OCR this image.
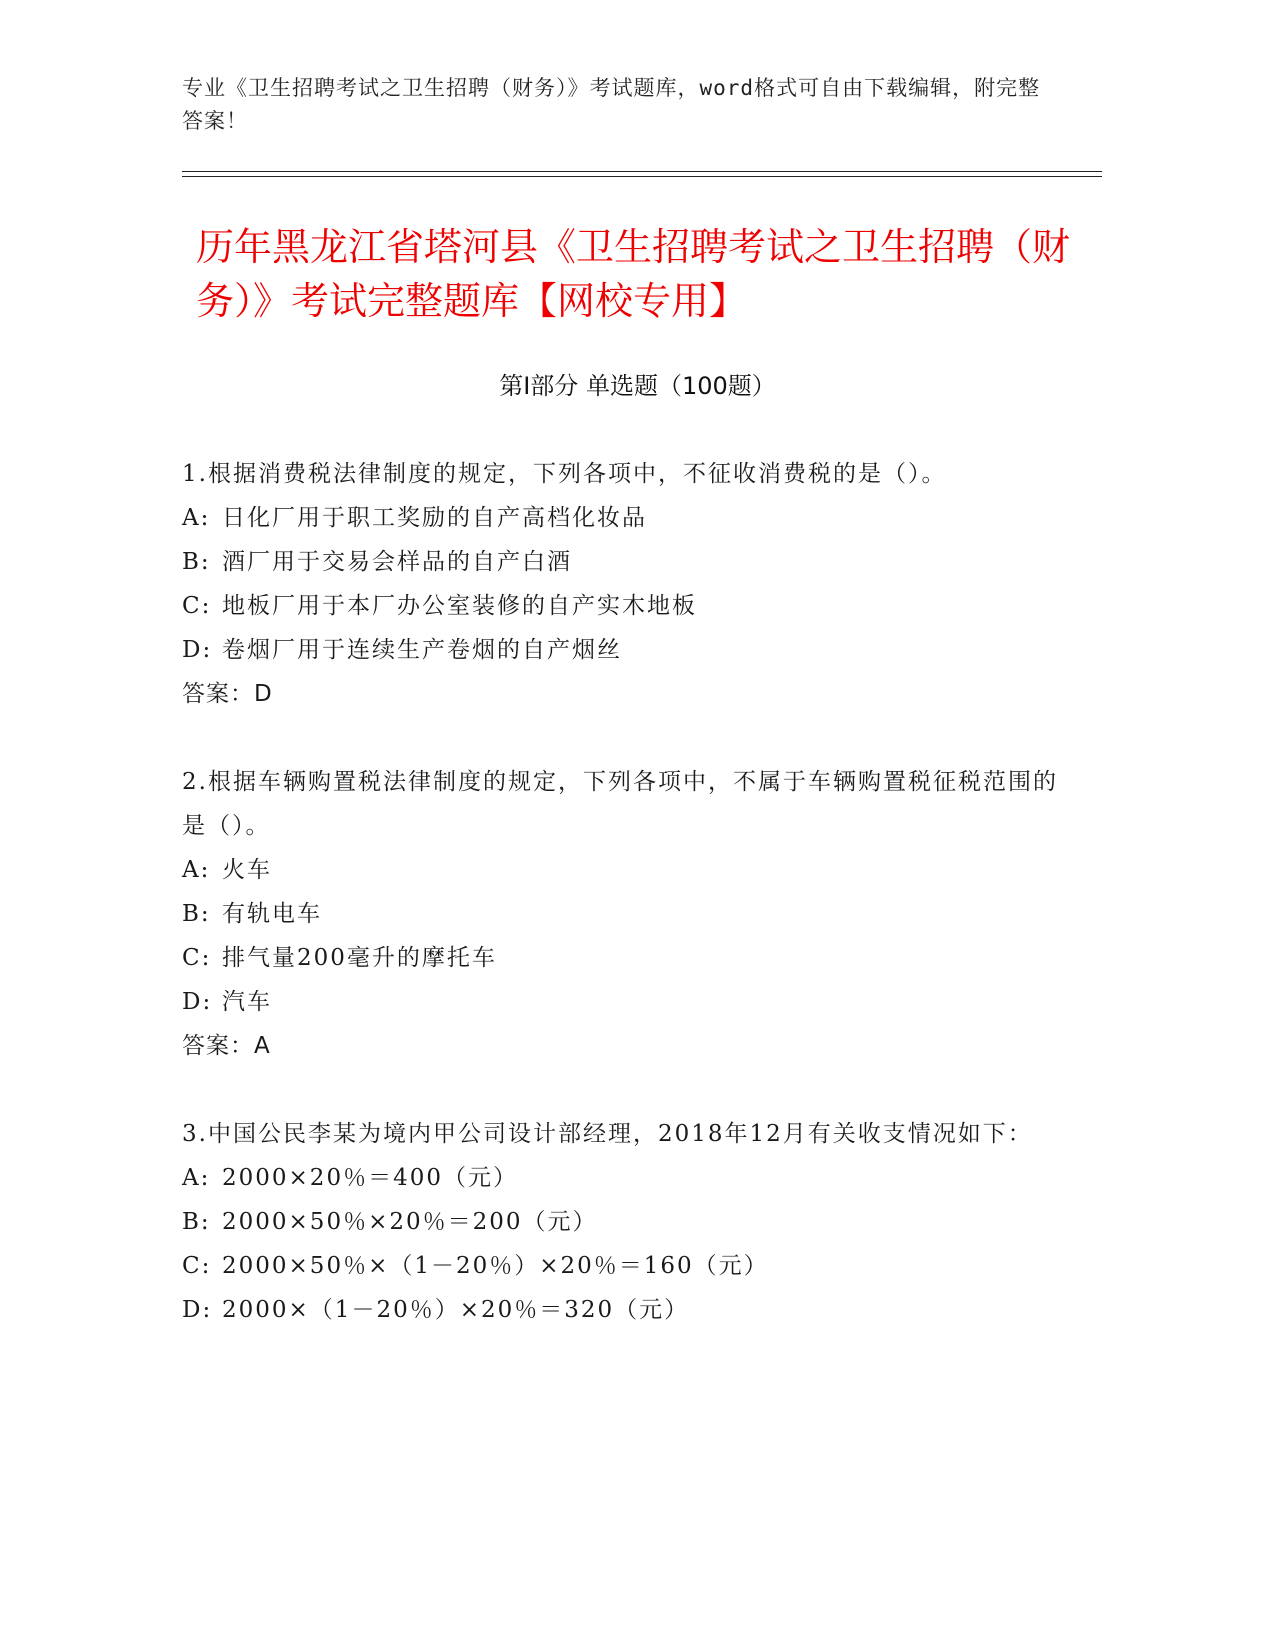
专业《卫生招聘考试之卫生招聘（财务）》考试题库，word格式可自由下载编辑，附完整答案！
历年黑龙江省塔河县《卫生招聘考试之卫生招聘（财务）》考试完整题库【网校专用】
第Ⅰ部分 单选题（100题）

1.根据消费税法律制度的规定，下列各项中，不征收消费税的是（）。

A: 日化厂用于职工奖励的自产高档化妆品
B: 酒厂用于交易会样品的自产白酒
C: 地板厂用于本厂办公室装修的自产实木地板
D: 卷烟厂用于连续生产卷烟的自产烟丝
答案：D

2.根据车辆购置税法律制度的规定，下列各项中，不属于车辆购置税征税范围的是（）。

A: 火车
B: 有轨电车
C: 排气量200毫升的摩托车
D: 汽车
答案：A

3.中国公民李某为境内甲公司设计部经理，2018年12月有关收支情况如下：

A: 2000×20％＝400（元）
B: 2000×50％×20％＝200（元）
C: 2000×50％×（1－20％）×20％＝160（元）
D: 2000×（1－20％）×20％＝320（元）
